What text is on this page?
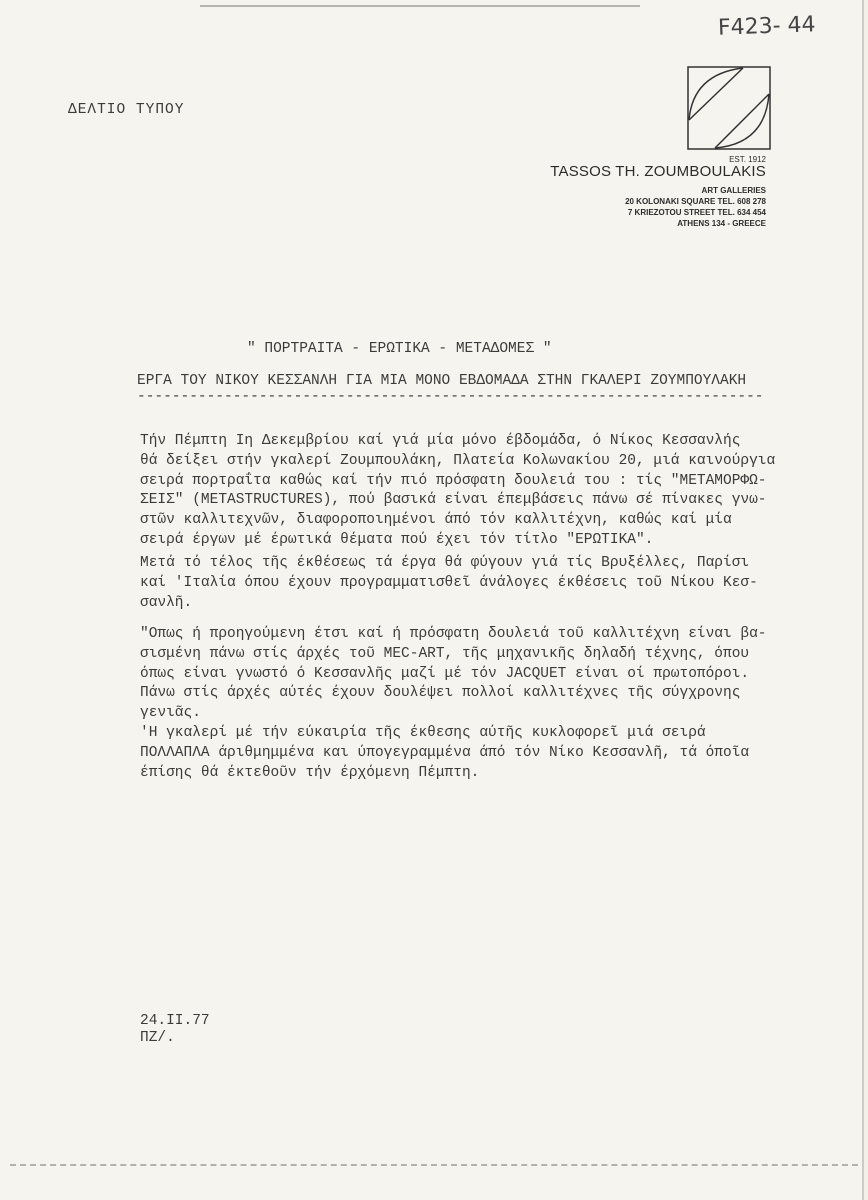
F423- 44
ΔΕΛΤΙΟ ΤΥΠΟΥ
EST. 1912
TASSOS TH. ZOUMBOULAKIS
ART GALLERIES
20 KOLONAKI SQUARE TEL. 608 278
7 KRIEZOTOU STREET TEL. 634 454
ATHENS 134 - GREECE
" ΠΟΡΤΡΑΙΤΑ - ΕΡΩΤΙΚΑ - ΜΕΤΑΔΟΜΕΣ "
ΕΡΓΑ ΤΟΥ ΝΙΚΟΥ ΚΕΣΣΑΝΛΗ ΓΙΑ ΜΙΑ ΜΟΝΟ ΕΒΔΟΜΑΔΑ ΣΤΗΝ ΓΚΑΛΕΡΙ ΖΟΥΜΠΟΥΛΑΚΗ
------------------------------------------------------------------------
Τήν Πέμπτη Ιη Δεκεμβρίου καί γιά μία μόνο έβδομάδα, ό Νίκος Κεσσανλής
θά δείξει στήν γκαλερί Ζουμπουλάκη, Πλατεία Κολωνακίου 20, μιά καινούργια
σειρά πορτραΐτα καθώς καί τήν πιό πρόσφατη δουλειά του : τίς "ΜΕΤΑΜΟΡΦΩ-
ΣΕΙΣ" (METASTRUCTURES), πού βασικά είναι έπεμβάσεις πάνω σέ πίνακες γνω-
στῶν καλλιτεχνῶν, διαφοροποιημένοι άπό τόν καλλιτέχνη, καθώς καί μία
σειρά έργων μέ έρωτικά θέματα πού έχει τόν τίτλο "ΕΡΩΤΙΚΑ".
Μετά τό τέλος τῆς έκθέσεως τά έργα θά φύγουν γιά τίς Βρυξέλλες, Παρίσι
καί 'Ιταλία όπου έχουν προγραμματισθεῖ άνάλογες έκθέσεις τοῦ Νίκου Κεσ-
σανλῆ.
"Οπως ή προηγούμενη έτσι καί ή πρόσφατη δουλειά τοῦ καλλιτέχνη είναι βα-
σισμένη πάνω στίς άρχές τοῦ MEC-ART, τῆς μηχανικῆς δηλαδή τέχνης, όπου
όπως είναι γνωστό ό Κεσσανλῆς μαζί μέ τόν JACQUET είναι οί πρωτοπόροι.
Πάνω στίς άρχές αύτές έχουν δουλέψει πολλοί καλλιτέχνες τῆς σύγχρονης
γενιᾶς.
'Η γκαλερί μέ τήν εύκαιρία τῆς έκθεσης αύτῆς κυκλοφορεῖ μιά σειρά
ΠΟΛΛΑΠΛΑ άριθμημμένα και ύπογεγραμμένα άπό τόν Νίκο Κεσσανλῆ, τά όποῖα
έπίσης θά έκτεθοῦν τήν έρχόμενη Πέμπτη.
24.ΙΙ.77
ΠΖ/.
